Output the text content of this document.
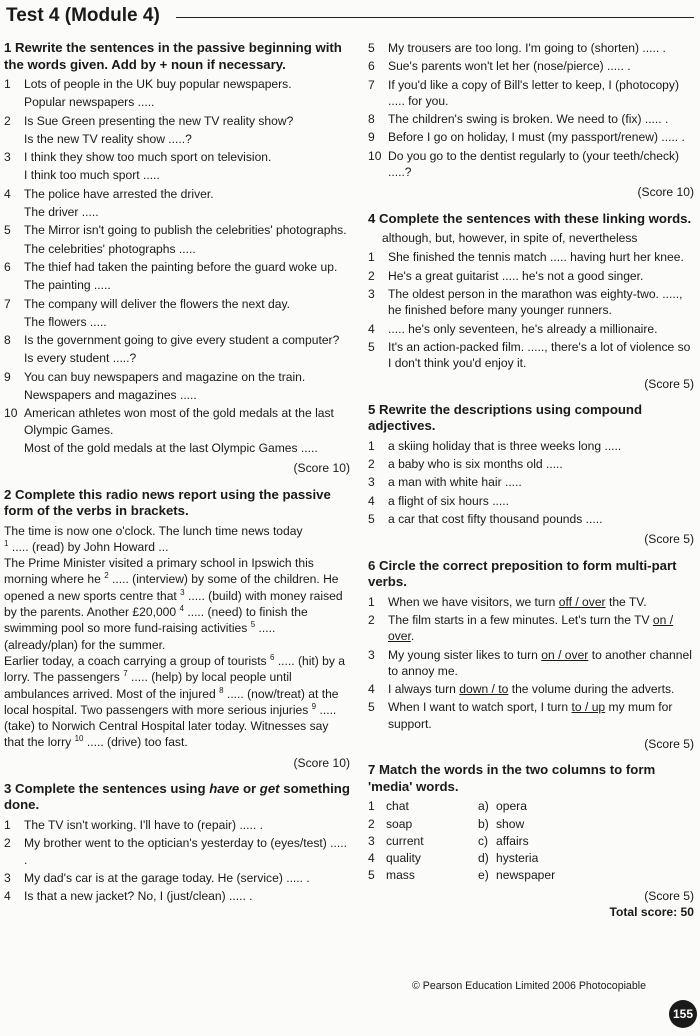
Test 4 (Module 4)
1 Rewrite the sentences in the passive beginning with the words given. Add by + noun if necessary.
1	Lots of people in the UK buy popular newspapers.
Popular newspapers .....
2	Is Sue Green presenting the new TV reality show?
Is the new TV reality show .....?
3	I think they show too much sport on television.
I think too much sport .....
4	The police have arrested the driver.
The driver .....
5	The Mirror isn't going to publish the celebrities' photographs.
The celebrities' photographs .....
6	The thief had taken the painting before the guard woke up.
The painting .....
7	The company will deliver the flowers the next day.
The flowers .....
8	Is the government going to give every student a computer?
Is every student .....?
9	You can buy newspapers and magazine on the train.
Newspapers and magazines .....
10 American athletes won most of the gold medals at the last Olympic Games.
Most of the gold medals at the last Olympic Games .....
(Score 10)
2 Complete this radio news report using the passive form of the verbs in brackets.

The time is now one o'clock. The lunch time news today
$^1$ ..... (read) by John Howard ...

The Prime Minister visited a primary school in Ipswich this morning where he $^2$ ..... (interview) by some of the children. He opened a new sports centre that $^3$ ..... (build) with money raised by the parents. Another £20,000 $^4$ ..... (need) to finish the swimming pool so more fund-raising activities $^5$ ..... (already/plan) for the summer.

Earlier today, a coach carrying a group of tourists $^6$ ..... (hit) by a lorry. The passengers $^7$ ..... (help) by local people until ambulances arrived. Most of the injured $^8$ ..... (now/treat) at the local hospital. Two passengers with more serious injuries $^9$ ..... (take) to Norwich Central Hospital later today. Witnesses say that the lorry $^{10}$ ..... (drive) too fast.

(Score 10)
3 Complete the sentences using have or get something done.
1	The TV isn't working. I'll have to (repair) ..... .
2	My brother went to the optician's yesterday to (eyes/test) ..... .
3	My dad's car is at the garage today. He (service) ..... .
4	Is that a new jacket? No, I (just/clean) ..... .
5	My trousers are too long. I'm going to (shorten) ..... .
6	Sue's parents won't let her (nose/pierce) ..... .
7	If you'd like a copy of Bill's letter to keep, I (photocopy) ..... for you.
8	The children's swing is broken. We need to (fix) ..... .
9	Before I go on holiday, I must (my passport/renew) ..... .
10 Do you go to the dentist regularly to (your teeth/check) .....?
(Score 10)
4 Complete the sentences with these linking words.
although, but, however, in spite of, nevertheless
1	She finished the tennis match ..... having hurt her knee.
2	He's a great guitarist ..... he's not a good singer.
3	The oldest person in the marathon was eighty-two. ....., he finished before many younger runners.
4	..... he's only seventeen, he's already a millionaire.
5	It's an action-packed film. ....., there's a lot of violence so I don't think you'd enjoy it.
(Score 5)
5 Rewrite the descriptions using compound adjectives.
1	a skiing holiday that is three weeks long .....
2	a baby who is six months old .....
3	a man with white hair .....
4	a flight of six hours .....
5	a car that cost fifty thousand pounds .....
(Score 5)
6 Circle the correct preposition to form multi-part verbs.
1	When we have visitors, we turn off / over the TV.
2	The film starts in a few minutes. Let's turn the TV on / over.
3	My young sister likes to turn on / over to another channel to annoy me.
4	I always turn down / to the volume during the adverts.
5	When I want to watch sport, I turn to / up my mum for support.
(Score 5)
7 Match the words in the two columns to form 'media' words.
1 chat	a) opera
2 soap	b) show
3 current	c) affairs
4 quality	d) hysteria
5 mass	e) newspaper
(Score 5)
Total score: 50
© Pearson Education Limited 2006 Photocopiable
155
